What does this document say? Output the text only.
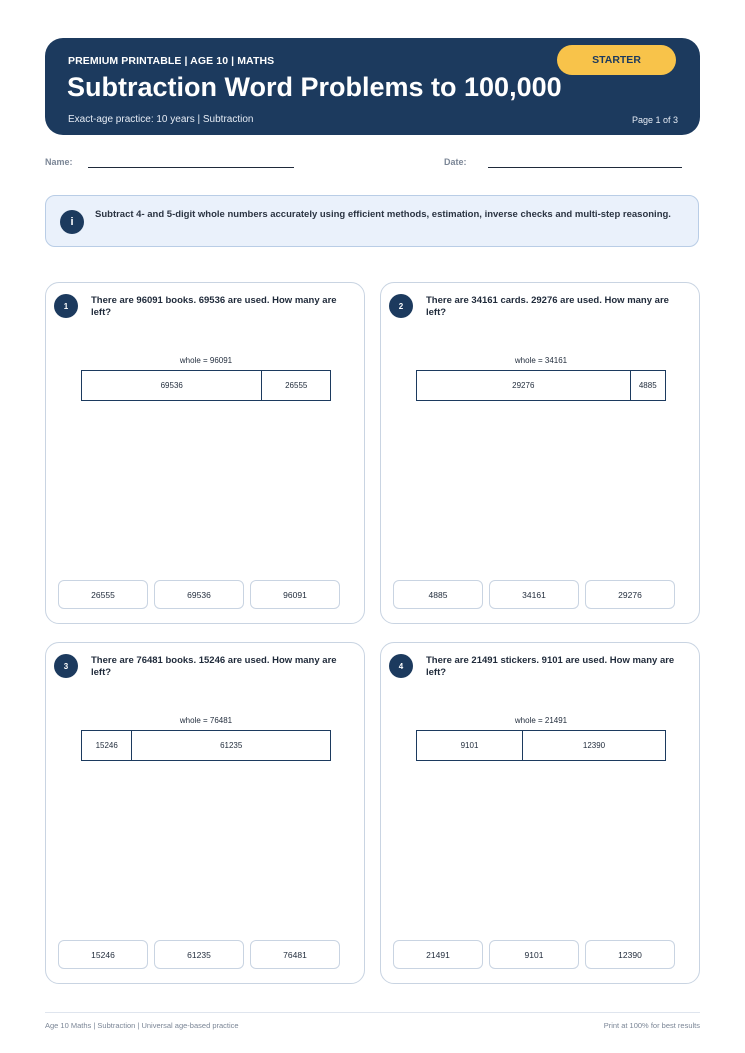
PREMIUM PRINTABLE | AGE 10 | MATHS
Subtraction Word Problems to 100,000
Exact-age practice: 10 years | Subtraction	Page 1 of 3
STARTER
Name:	Date:
i
Subtract 4- and 5-digit whole numbers accurately using efficient methods, estimation, inverse checks and multi-step reasoning.
1	There are 96091 books. 69536 are used. How many are left?
whole = 96091
69536	26555
26555	69536	96091
2	There are 34161 cards. 29276 are used. How many are left?
whole = 34161
29276	4885
4885	34161	29276
3	There are 76481 books. 15246 are used. How many are left?
whole = 76481
15246	61235
15246	61235	76481
4	There are 21491 stickers. 9101 are used. How many are left?
whole = 21491
9101	12390
21491	9101	12390
Age 10 Maths | Subtraction | Universal age-based practice	Print at 100% for best results
